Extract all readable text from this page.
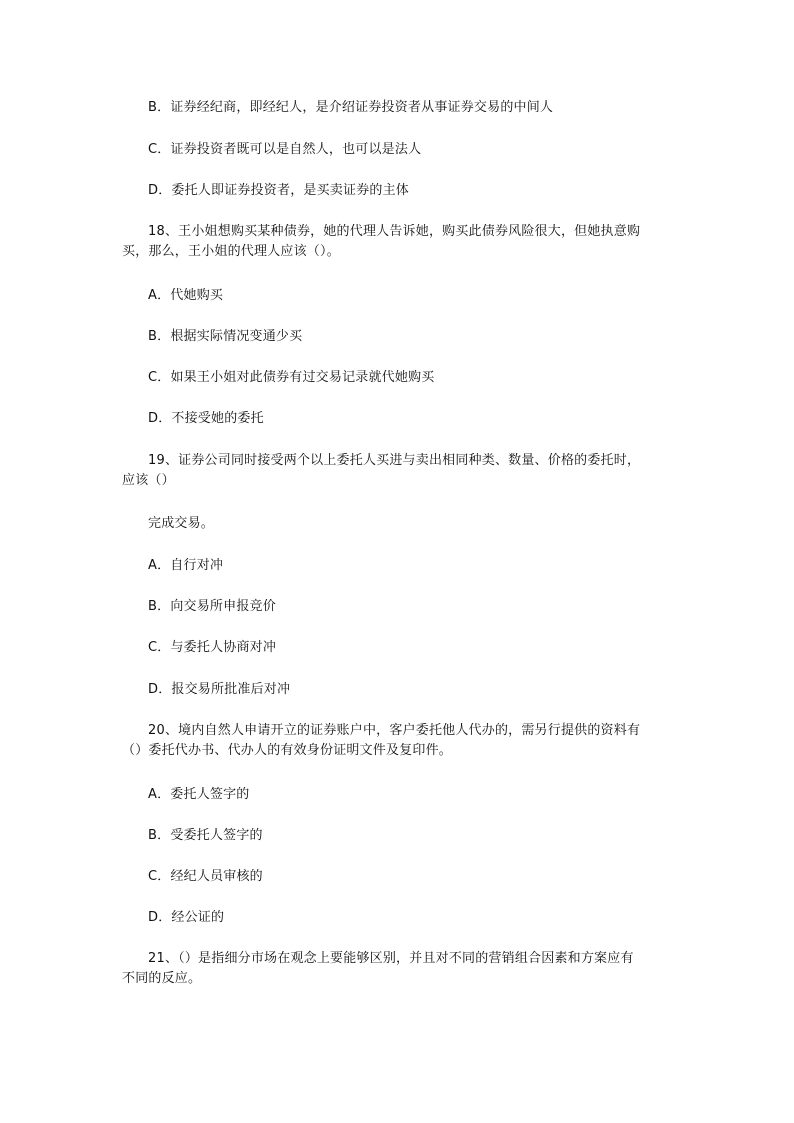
B．证券经纪商，即经纪人，是介绍证券投资者从事证券交易的中间人
C．证券投资者既可以是自然人，也可以是法人
D．委托人即证券投资者，是买卖证券的主体
18、王小姐想购买某种债券，她的代理人告诉她，购买此债券风险很大，但她执意购
买，那么，王小姐的代理人应该（）。
A．代她购买
B．根据实际情况变通少买
C．如果王小姐对此债券有过交易记录就代她购买
D．不接受她的委托
19、证券公司同时接受两个以上委托人买进与卖出相同种类、数量、价格的委托时，
应该（）
完成交易。
A．自行对冲
B．向交易所申报竞价
C．与委托人协商对冲
D．报交易所批准后对冲
20、境内自然人申请开立的证券账户中，客户委托他人代办的，需另行提供的资料有
（）委托代办书、代办人的有效身份证明文件及复印件。
A．委托人签字的
B．受委托人签字的
C．经纪人员审核的
D．经公证的
21、（）是指细分市场在观念上要能够区别，并且对不同的营销组合因素和方案应有
不同的反应。
